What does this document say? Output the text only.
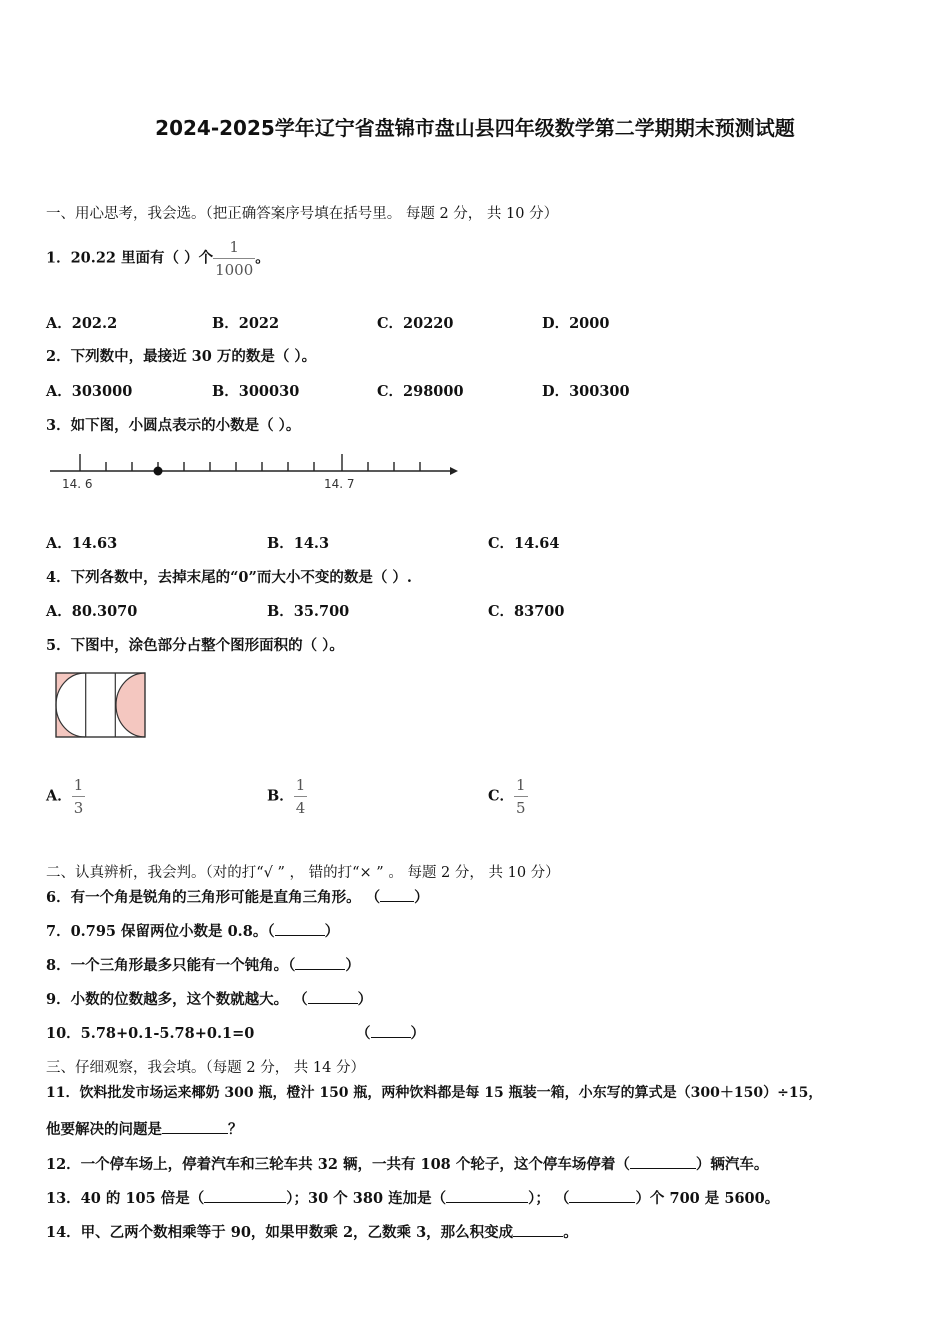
2024-2025学年辽宁省盘锦市盘山县四年级数学第二学期期末预测试题
一、用心思考，我会选。（把正确答案序号填在括号里。 每题 2 分， 共 10 分）
1．20.22 里面有（ ）个 $\frac{1}{1000}$ 。
A．202.2	B．2022	C．20220	D．2000
2．下列数中，最接近 30 万的数是（ ）。
A．303000	B．300030	C．298000	D．300300
3．如下图，小圆点表示的小数是（ ）。
14. 6	14. 7
A．14.63	B．14.3	C．14.64
4．下列各数中，去掉末尾的“0”而大小不变的数是（ ）.
A．80.3070	B．35.700	C．83700
5．下图中，涂色部分占整个图形面积的（ ）。
A． $\frac{1}{3}$	B． $\frac{1}{4}$	C． $\frac{1}{5}$
二、认真辨析，我会判。（对的打“√ ” ， 错的打“× ” 。 每题 2 分， 共 10 分）
6．有一个角是锐角的三角形可能是直角三角形。 （ ）
7．0.795 保留两位小数是 0.8。（	）
8．一个三角形最多只能有一个钝角。（	）
9．小数的位数越多，这个数就越大。 （	）
10．5.78+0.1-5.78+0.1=0	（	）
三、仔细观察，我会填。（每题 2 分， 共 14 分）
11．饮料批发市场运来椰奶 300 瓶，橙汁 150 瓶，两种饮料都是每 15 瓶装一箱，小东写的算式是（300＋150）÷15，
他要解决的问题是	？
12．一个停车场上，停着汽车和三轮车共 32 辆，一共有 108 个轮子，这个停车场停着（	）辆汽车。
13．40 的 105 倍是（	）；30 个 380 连加是（	）； （	）个 700 是 5600。
14．甲、乙两个数相乘等于 90，如果甲数乘 2，乙数乘 3，那么积变成	。
